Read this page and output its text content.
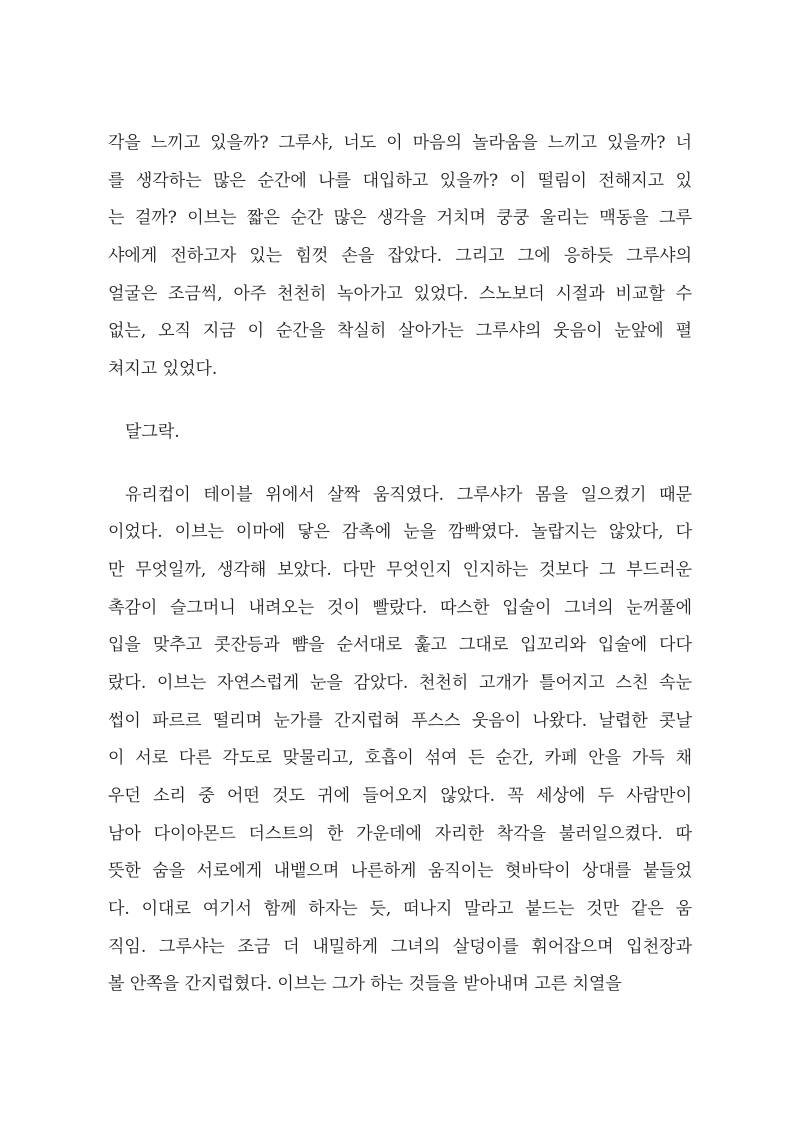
각을 느끼고 있을까? 그루샤, 너도 이 마음의 놀라움을 느끼고 있을까? 너
를 생각하는 많은 순간에 나를 대입하고 있을까? 이 떨림이 전해지고 있
는 걸까? 이브는 짧은 순간 많은 생각을 거치며 쿵쿵 울리는 맥동을 그루
샤에게 전하고자 있는 힘껏 손을 잡았다. 그리고 그에 응하듯 그루샤의
얼굴은 조금씩, 아주 천천히 녹아가고 있었다. 스노보더 시절과 비교할 수
없는, 오직 지금 이 순간을 착실히 살아가는 그루샤의 웃음이 눈앞에 펼
쳐지고 있었다.
달그락.
유리컵이 테이블 위에서 살짝 움직였다. 그루샤가 몸을 일으켰기 때문
이었다. 이브는 이마에 닿은 감촉에 눈을 깜빡였다. 놀랍지는 않았다, 다
만 무엇일까, 생각해 보았다. 다만 무엇인지 인지하는 것보다 그 부드러운
촉감이 슬그머니 내려오는 것이 빨랐다. 따스한 입술이 그녀의 눈꺼풀에
입을 맞추고 콧잔등과 뺨을 순서대로 훑고 그대로 입꼬리와 입술에 다다
랐다. 이브는 자연스럽게 눈을 감았다. 천천히 고개가 틀어지고 스친 속눈
썹이 파르르 떨리며 눈가를 간지럽혀 푸스스 웃음이 나왔다. 날렵한 콧날
이 서로 다른 각도로 맞물리고, 호흡이 섞여 든 순간, 카페 안을 가득 채
우던 소리 중 어떤 것도 귀에 들어오지 않았다. 꼭 세상에 두 사람만이
남아 다이아몬드 더스트의 한 가운데에 자리한 착각을 불러일으켰다. 따
뜻한 숨을 서로에게 내뱉으며 나른하게 움직이는 혓바닥이 상대를 붙들었
다. 이대로 여기서 함께 하자는 듯, 떠나지 말라고 붙드는 것만 같은 움
직임. 그루샤는 조금 더 내밀하게 그녀의 살덩이를 휘어잡으며 입천장과
볼 안쪽을 간지럽혔다. 이브는 그가 하는 것들을 받아내며 고른 치열을
